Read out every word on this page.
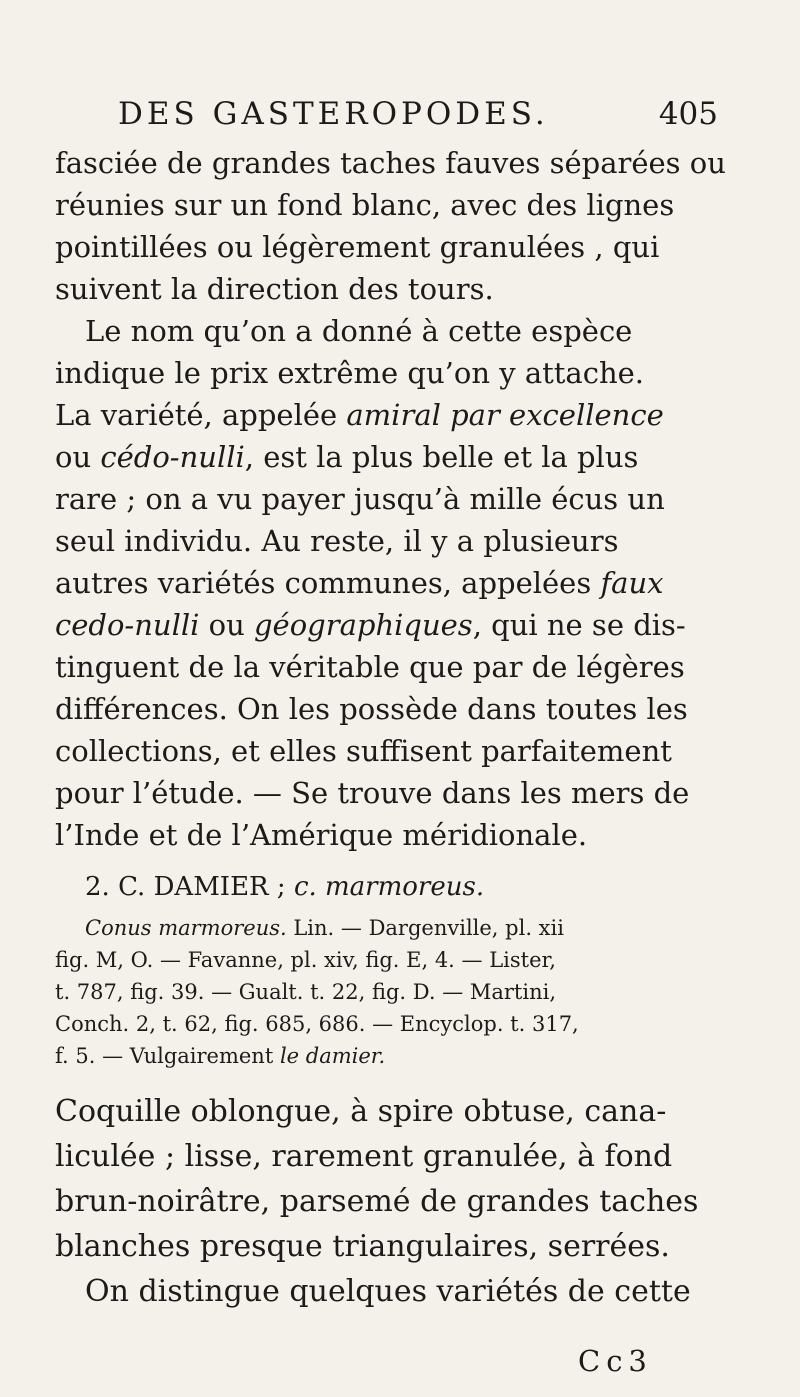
DES GASTEROPODES.	405
fasciée de grandes taches fauves séparées ou
réunies sur un fond blanc, avec des lignes
pointillées ou légèrement granulées , qui
suivent la direction des tours.
Le nom qu’on a donné à cette espèce
indique le prix extrême qu’on y attache.
La variété, appelée amiral par excellence
ou cédo-nulli, est la plus belle et la plus
rare ; on a vu payer jusqu’à mille écus un
seul individu. Au reste, il y a plusieurs
autres variétés communes, appelées faux
cedo-nulli ou géographiques, qui ne se dis-
tinguent de la véritable que par de légères
différences. On les possède dans toutes les
collections, et elles suffisent parfaitement
pour l’étude. — Se trouve dans les mers de
l’Inde et de l’Amérique méridionale.
2. C. DAMIER ; c. marmoreus.
Conus marmoreus. Lin. — Dargenville, pl. xii
fig. M, O. — Favanne, pl. xiv, fig. E, 4. — Lister,
t. 787, fig. 39. — Gualt. t. 22, fig. D. — Martini,
Conch. 2, t. 62, fig. 685, 686. — Encyclop. t. 317,
f. 5. — Vulgairement le damier.
Coquille oblongue, à spire obtuse, cana-
liculée ; lisse, rarement granulée, à fond
brun-noirâtre, parsemé de grandes taches
blanches presque triangulaires, serrées.
On distingue quelques variétés de cette
Cc3
